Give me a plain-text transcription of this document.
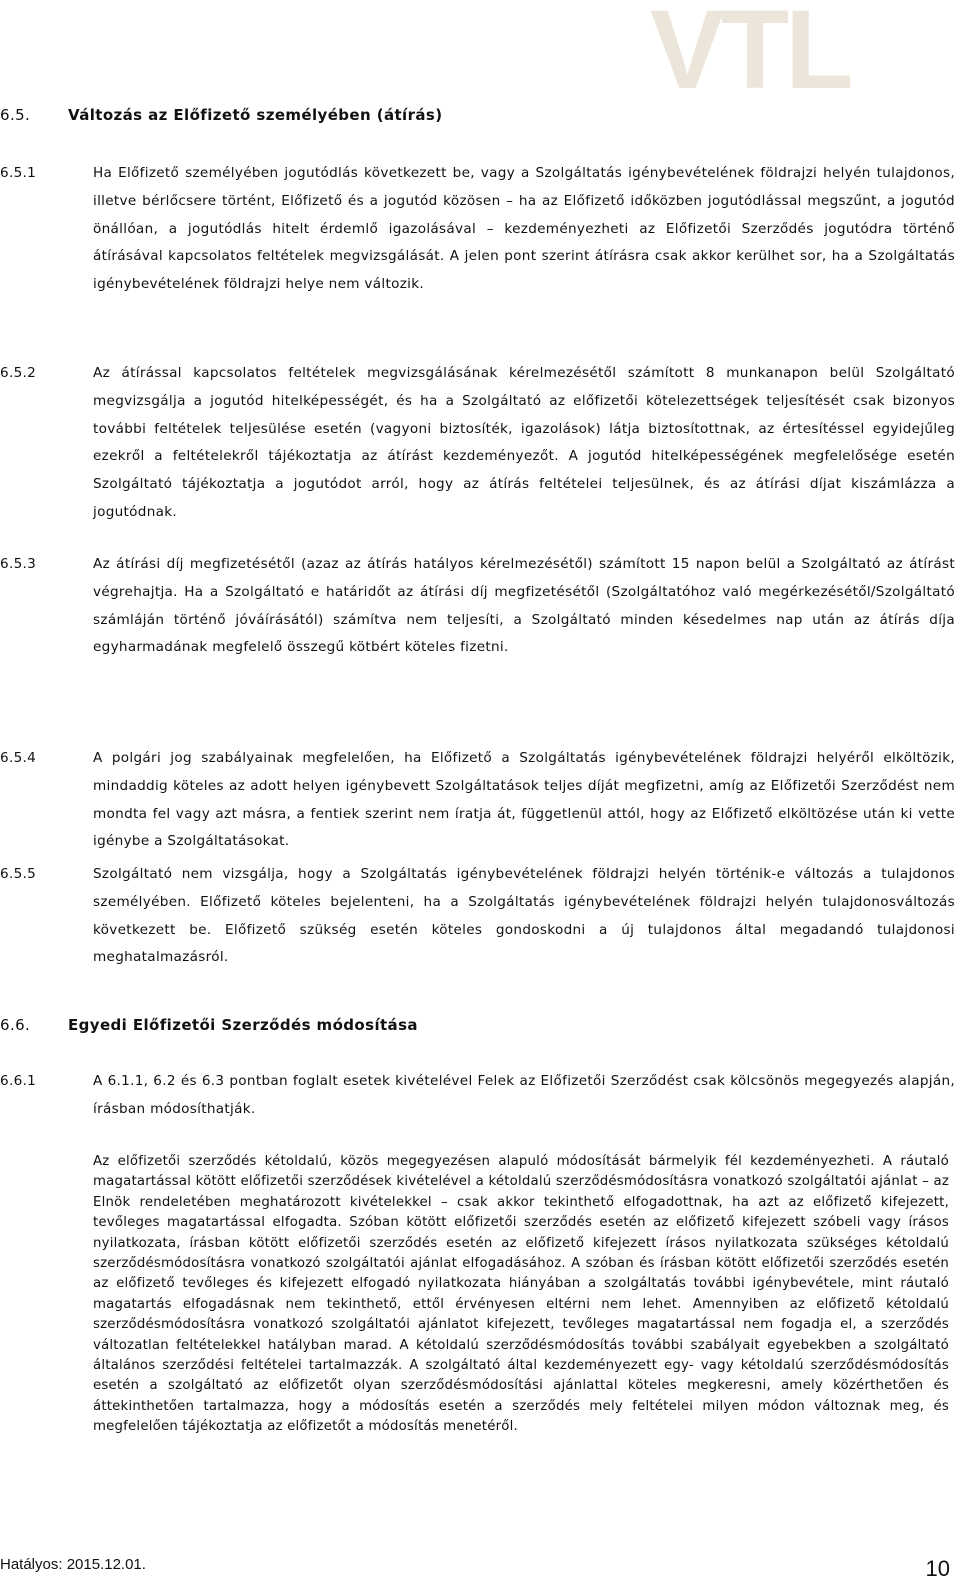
VTL
6.5.	Változás az Előfizető személyében (átírás)
6.5.1	Ha Előfizető személyében jogutódlás következett be, vagy a Szolgáltatás igénybevételének földrajzi helyén tulajdonos, illetve bérlőcsere történt, Előfizető és a jogutód közösen – ha az Előfizető időközben jogutódlással megszűnt, a jogutód önállóan, a jogutódlás hitelt érdemlő igazolásával – kezdeményezheti az Előfizetői Szerződés jogutódra történő átírásával kapcsolatos feltételek megvizsgálását. A jelen pont szerint átírásra csak akkor kerülhet sor, ha a Szolgáltatás igénybevételének földrajzi helye nem változik.
6.5.2	Az átírással kapcsolatos feltételek megvizsgálásának kérelmezésétől számított 8 munkanapon belül Szolgáltató megvizsgálja a jogutód hitelképességét, és ha a Szolgáltató az előfizetői kötelezettségek teljesítését csak bizonyos további feltételek teljesülése esetén (vagyoni biztosíték, igazolások) látja biztosítottnak, az értesítéssel egyidejűleg ezekről a feltételekről tájékoztatja az átírást kezdeményezőt. A jogutód hitelképességének megfelelősége esetén Szolgáltató tájékoztatja a jogutódot arról, hogy az átírás feltételei teljesülnek, és az átírási díjat kiszámlázza a jogutódnak.
6.5.3	Az átírási díj megfizetésétől (azaz az átírás hatályos kérelmezésétől) számított 15 napon belül a Szolgáltató az átírást végrehajtja. Ha a Szolgáltató e határidőt az átírási díj megfizetésétől (Szolgáltatóhoz való megérkezésétől/Szolgáltató számláján történő jóváírásától) számítva nem teljesíti, a Szolgáltató minden késedelmes nap után az átírás díja egyharmadának megfelelő összegű kötbért köteles fizetni.
6.5.4	A polgári jog szabályainak megfelelően, ha Előfizető a Szolgáltatás igénybevételének földrajzi helyéről elköltözik, mindaddig köteles az adott helyen igénybevett Szolgáltatások teljes díját megfizetni, amíg az Előfizetői Szerződést nem mondta fel vagy azt másra, a fentiek szerint nem íratja át, függetlenül attól, hogy az Előfizető elköltözése után ki vette igénybe a Szolgáltatásokat.
6.5.5	Szolgáltató nem vizsgálja, hogy a Szolgáltatás igénybevételének földrajzi helyén történik-e változás a tulajdonos személyében. Előfizető köteles bejelenteni, ha a Szolgáltatás igénybevételének földrajzi helyén tulajdonosváltozás következett be. Előfizető szükség esetén köteles gondoskodni a új tulajdonos által megadandó tulajdonosi meghatalmazásról.
6.6.	Egyedi Előfizetői Szerződés módosítása
6.6.1	A 6.1.1, 6.2 és 6.3 pontban foglalt esetek kivételével Felek az Előfizetői Szerződést csak kölcsönös megegyezés alapján, írásban módosíthatják.
Az előfizetői szerződés kétoldalú, közös megegyezésen alapuló módosítását bármelyik fél kezdeményezheti. A ráutaló magatartással kötött előfizetői szerződések kivételével a kétoldalú szerződésmódosításra vonatkozó szolgáltatói ajánlat – az Elnök rendeletében meghatározott kivételekkel – csak akkor tekinthető elfogadottnak, ha azt az előfizető kifejezett, tevőleges magatartással elfogadta. Szóban kötött előfizetői szerződés esetén az előfizető kifejezett szóbeli vagy írásos nyilatkozata, írásban kötött előfizetői szerződés esetén az előfizető kifejezett írásos nyilatkozata szükséges kétoldalú szerződésmódosításra vonatkozó szolgáltatói ajánlat elfogadásához. A szóban és írásban kötött előfizetői szerződés esetén az előfizető tevőleges és kifejezett elfogadó nyilatkozata hiányában a szolgáltatás további igénybevétele, mint ráutaló magatartás elfogadásnak nem tekinthető, ettől érvényesen eltérni nem lehet. Amennyiben az előfizető kétoldalú szerződésmódosításra vonatkozó szolgáltatói ajánlatot kifejezett, tevőleges magatartással nem fogadja el, a szerződés változatlan feltételekkel hatályban marad. A kétoldalú szerződésmódosítás további szabályait egyebekben a szolgáltató általános szerződési feltételei tartalmazzák. A szolgáltató által kezdeményezett egy- vagy kétoldalú szerződésmódosítás esetén a szolgáltató az előfizetőt olyan szerződésmódosítási ajánlattal köteles megkeresni, amely közérthetően és áttekinthetően tartalmazza, hogy a módosítás esetén a szerződés mely feltételei milyen módon változnak meg, és megfelelően tájékoztatja az előfizetőt a módosítás menetéről.
Hatályos: 2015.12.01.	10
